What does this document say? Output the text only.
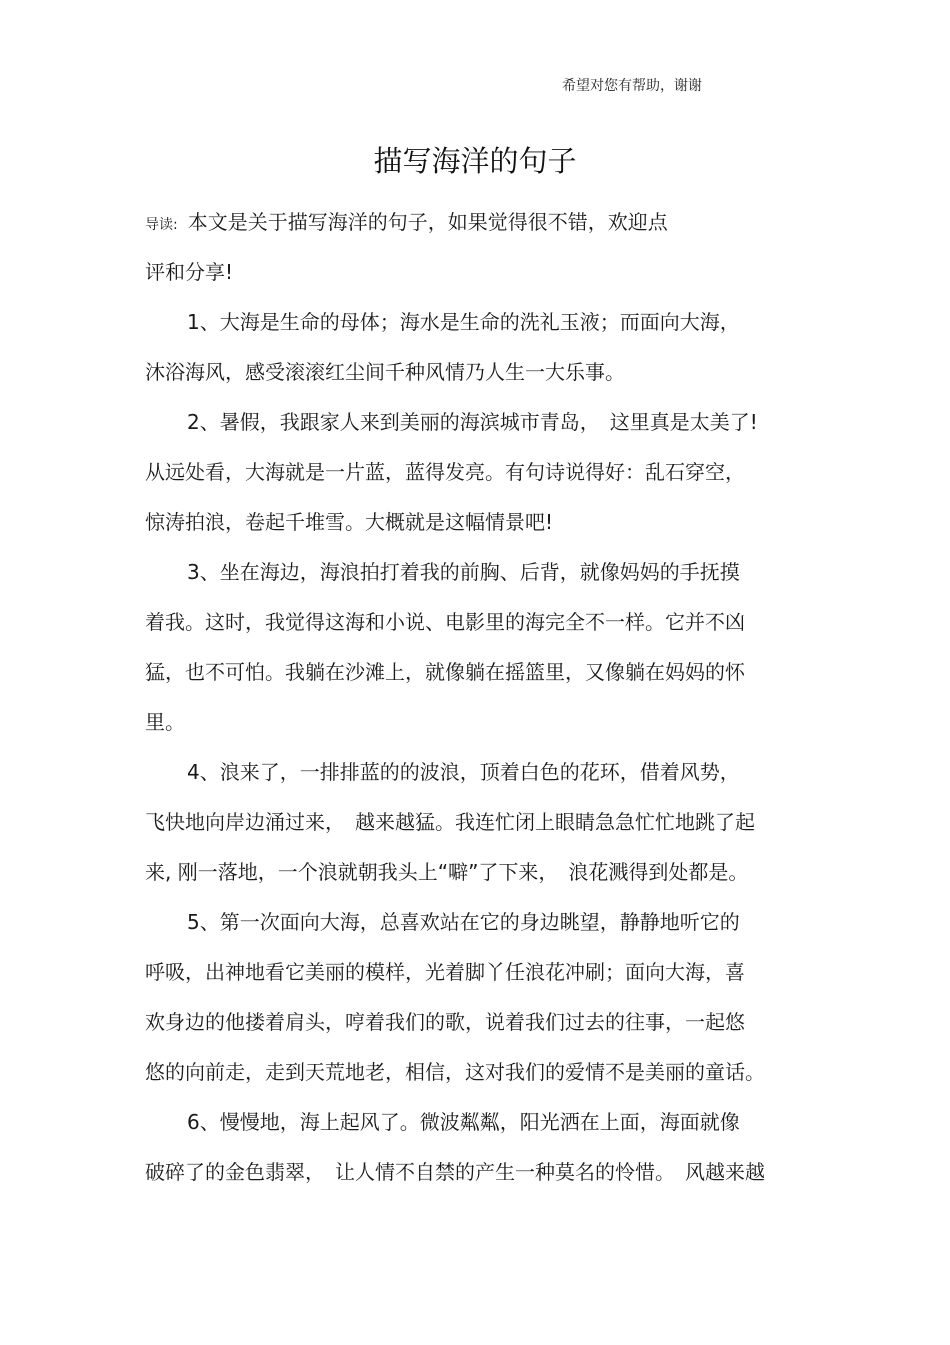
希望对您有帮助，谢谢
描写海洋的句子
导读: 本文是关于描写海洋的句子，如果觉得很不错，欢迎点
评和分享!
1、大海是生命的母体；海水是生命的洗礼玉液；而面向大海，
沐浴海风，感受滚滚红尘间千种风情乃人生一大乐事。
2、暑假，我跟家人来到美丽的海滨城市青岛，　这里真是太美了!
从远处看，大海就是一片蓝，蓝得发亮。有句诗说得好：乱石穿空，
惊涛拍浪，卷起千堆雪。大概就是这幅情景吧!
3、坐在海边，海浪拍打着我的前胸、后背，就像妈妈的手抚摸
着我。这时，我觉得这海和小说、电影里的海完全不一样。它并不凶
猛，也不可怕。我躺在沙滩上，就像躺在摇篮里，又像躺在妈妈的怀
里。
4、浪来了，一排排蓝的的波浪，顶着白色的花环，借着风势，
飞快地向岸边涌过来，　越来越猛。我连忙闭上眼睛急急忙忙地跳了起
来, 刚一落地，一个浪就朝我头上“噼”了下来，　浪花溅得到处都是。
5、第一次面向大海，总喜欢站在它的身边眺望，静静地听它的
呼吸，出神地看它美丽的模样，光着脚丫任浪花冲刷；面向大海，喜
欢身边的他搂着肩头，哼着我们的歌，说着我们过去的往事，一起悠
悠的向前走，走到天荒地老，相信，这对我们的爱情不是美丽的童话。
6、慢慢地，海上起风了。微波粼粼，阳光洒在上面，海面就像
破碎了的金色翡翠，　让人情不自禁的产生一种莫名的怜惜。　风越来越
